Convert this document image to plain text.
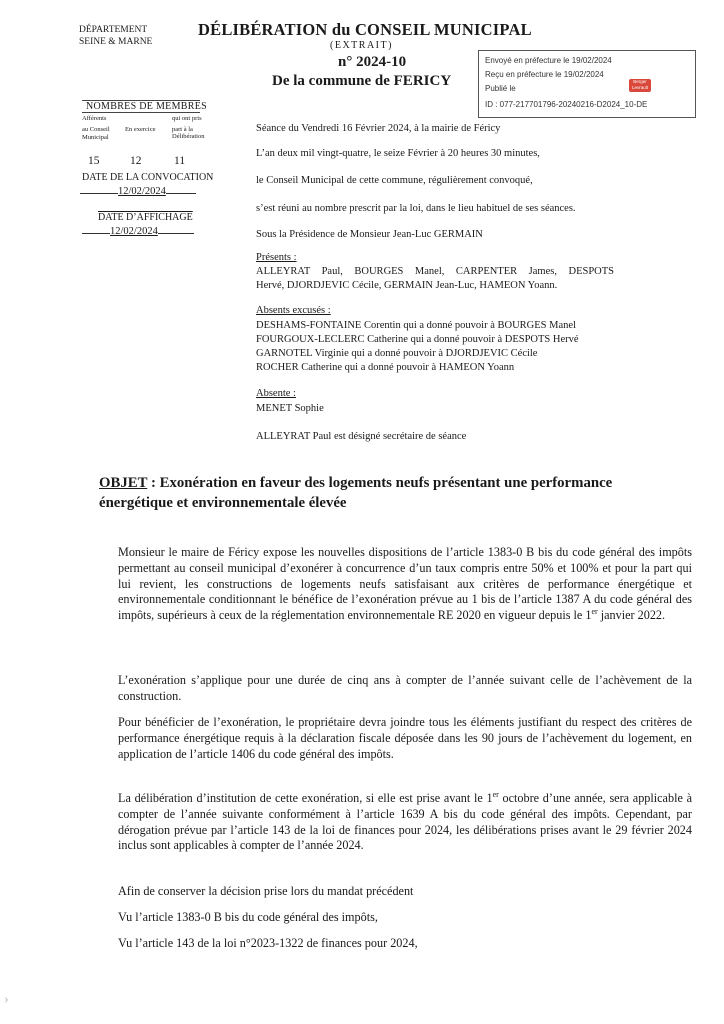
DÉPARTEMENT
SEINE & MARNE
DÉLIBÉRATION du CONSEIL MUNICIPAL
(EXTRAIT)
n° 2024-10
De la commune de FERICY
Envoyé en préfecture le 19/02/2024
Reçu en préfecture le 19/02/2024
Publié le
ID : 077-217701796-20240216-D2024_10-DE
Berger Levrault
NOMBRES DE MEMBRES
Afférents
au Conseil
Municipal
En exercice
qui ont pris
part à la
Délibération
15	12	11
DATE DE LA CONVOCATION
12/02/2024
DATE D’AFFICHAGE
12/02/2024
Séance du Vendredi 16 Février 2024, à la mairie de Féricy
L’an deux mil vingt-quatre, le seize Février à 20 heures 30 minutes,
le Conseil Municipal de cette commune, régulièrement convoqué,
s’est réuni au nombre prescrit par la loi, dans le lieu habituel de ses séances.
Sous la Présidence de Monsieur Jean-Luc GERMAIN
Présents :
ALLEYRAT Paul, BOURGES Manel, CARPENTER James, DESPOTS
Hervé, DJORDJEVIC Cécile, GERMAIN Jean-Luc, HAMEON Yoann.
Absents excusés :
DESHAMS-FONTAINE Corentin qui a donné pouvoir à BOURGES Manel
FOURGOUX-LECLERC Catherine qui a donné pouvoir à DESPOTS Hervé
GARNOTEL Virginie qui a donné pouvoir à DJORDJEVIC Cécile
ROCHER Catherine qui a donné pouvoir à HAMEON Yoann
Absente :
MENET Sophie
ALLEYRAT Paul est désigné secrétaire de séance
OBJET : Exonération en faveur des logements neufs présentant une performance énergétique et environnementale élevée
Monsieur le maire de Féricy expose les nouvelles dispositions de l’article 1383-0 B bis du code général des impôts permettant au conseil municipal d’exonérer à concurrence d’un taux compris entre 50% et 100% et pour la part qui lui revient, les constructions de logements neufs satisfaisant aux critères de performance énergétique et environnementale conditionnant le bénéfice de l’exonération prévue au 1 bis de l’article 1387 A du code général des impôts, supérieurs à ceux de la réglementation environnementale RE 2020 en vigueur depuis le 1er janvier 2022.
L’exonération s’applique pour une durée de cinq ans à compter de l’année suivant celle de l’achèvement de la construction.
Pour bénéficier de l’exonération, le propriétaire devra joindre tous les éléments justifiant du respect des critères de performance énergétique requis à la déclaration fiscale déposée dans les 90 jours de l’achèvement du logement, en application de l’article 1406 du code général des impôts.
La délibération d’institution de cette exonération, si elle est prise avant le 1er octobre d’une année, sera applicable à compter de l’année suivante conformément à l’article 1639 A bis du code général des impôts. Cependant, par dérogation prévue par l’article 143 de la loi de finances pour 2024, les délibérations prises avant le 29 février 2024 inclus sont applicables à compter de l’année 2024.
Afin de conserver la décision prise lors du mandat précédent
Vu l’article 1383-0 B bis du code général des impôts,
Vu l’article 143 de la loi n°2023-1322 de finances pour 2024,
›
